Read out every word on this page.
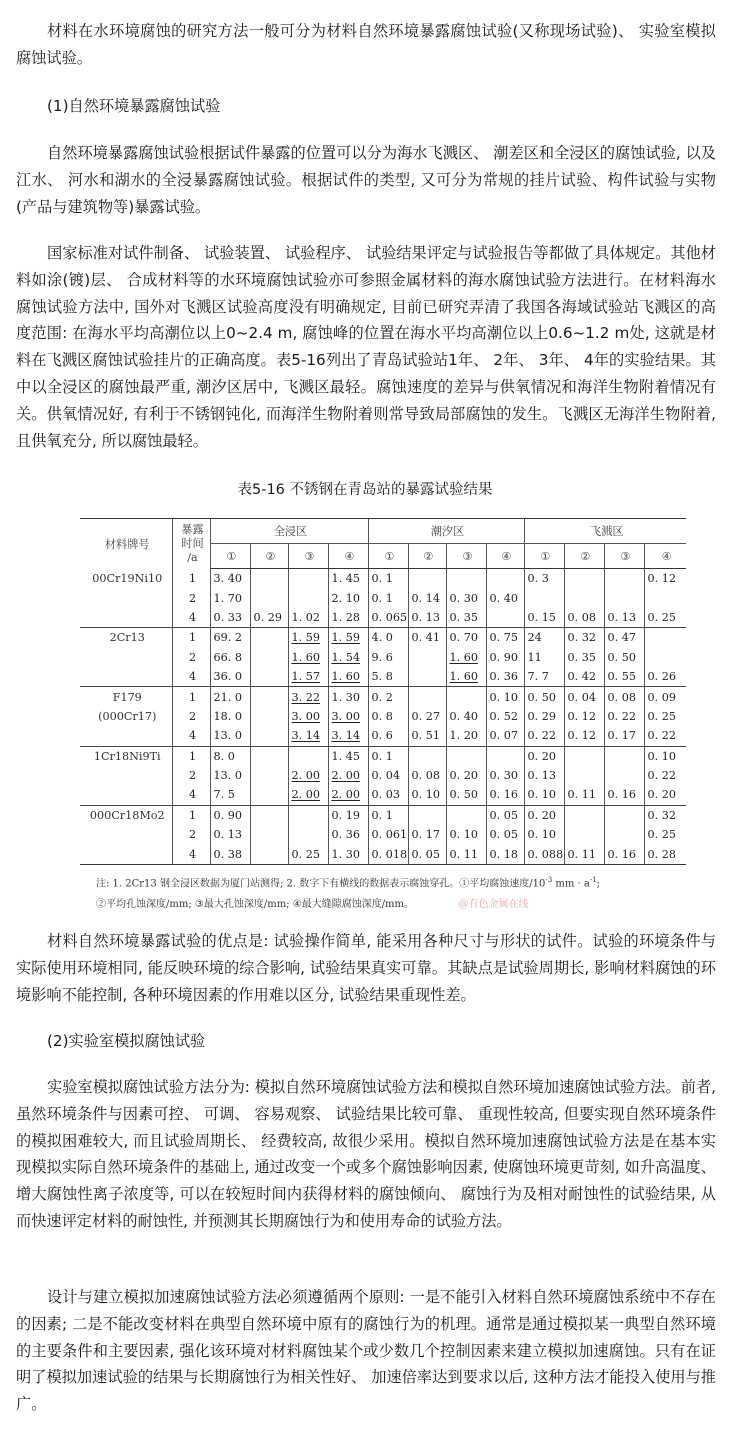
材料在水环境腐蚀的研究方法一般可分为材料自然环境暴露腐蚀试验(又称现场试验)、 实验室模拟腐蚀试验。

(1)自然环境暴露腐蚀试验

自然环境暴露腐蚀试验根据试件暴露的位置可以分为海水飞溅区、 潮差区和全浸区的腐蚀试验, 以及江水、 河水和湖水的全浸暴露腐蚀试验。根据试件的类型, 又可分为常规的挂片试验、构件试验与实物(产品与建筑物等)暴露试验。

国家标准对试件制备、 试验装置、 试验程序、 试验结果评定与试验报告等都做了具体规定。其他材料如涂(镀)层、 合成材料等的水环境腐蚀试验亦可参照金属材料的海水腐蚀试验方法进行。在材料海水腐蚀试验方法中, 国外对飞溅区试验高度没有明确规定, 目前已研究弄清了我国各海域试验站飞溅区的高度范围: 在海水平均高潮位以上0~2.4 m, 腐蚀峰的位置在海水平均高潮位以上0.6~1.2 m处, 这就是材料在飞溅区腐蚀试验挂片的正确高度。表5-16列出了青岛试验站1年、 2年、 3年、 4年的实验结果。其中以全浸区的腐蚀最严重, 潮汐区居中, 飞溅区最轻。腐蚀速度的差异与供氧情况和海洋生物附着情况有关。供氧情况好, 有利于不锈钢钝化, 而海洋生物附着则常导致局部腐蚀的发生。飞溅区无海洋生物附着, 且供氧充分, 所以腐蚀最轻。

表5-16 不锈钢在青岛站的暴露试验结果

材料牌号	暴露
时间
/a	全浸区				潮汐区				飞溅区			
		①	②	③	④	①	②	③	④	①	②	③	④
00Cr19Ni10	1	3. 40			1. 45	0. 1				0. 3			0. 12
	2	1. 70			2. 10	0. 1	0. 14	0. 30	0. 40				
	4	0. 33	0. 29	1. 02	1. 28	0. 065	0. 13	0. 35		0. 15	0. 08	0. 13	0. 25
2Cr13	1	69. 2		1. 59	1. 59	4. 0	0. 41	0. 70	0. 75	24	0. 32	0. 47	
	2	66. 8		1. 60	1. 54	9. 6		1. 60	0. 90	11	0. 35	0. 50	
	4	36. 0		1. 57	1. 60	5. 8		1. 60	0. 36	7. 7	0. 42	0. 55	0. 26
F179	1	21. 0		3. 22	1. 30	0. 2			0. 10	0. 50	0. 04	0. 08	0. 09
(000Cr17)	2	18. 0		3. 00	3. 00	0. 8	0. 27	0. 40	0. 52	0. 29	0. 12	0. 22	0. 25
	4	13. 0		3. 14	3. 14	0. 6	0. 51	1. 20	0. 07	0. 22	0. 12	0. 17	0. 22
1Cr18Ni9Ti	1	8. 0			1. 45	0. 1				0. 20			0. 10
	2	13. 0		2. 00	2. 00	0. 04	0. 08	0. 20	0. 30	0. 13			0. 22
	4	7. 5		2. 00	2. 00	0. 03	0. 10	0. 50	0. 16	0. 10	0. 11	0. 16	0. 20
000Cr18Mo2	1	0. 90			0. 19	0. 1			0. 05	0. 20			0. 32
	2	0. 13			0. 36	0. 061	0. 17	0. 10	0. 05	0. 10			0. 25
	4	0. 38		0. 25	1. 30	0. 018	0. 05	0. 11	0. 18	0. 088	0. 11	0. 16	0. 28
注: 1. 2Cr13 钢全浸区数据为厦门站测得; 2. 数字下有横线的数据表示腐蚀穿孔。①平均腐蚀速度$/10^{-3}$ mm · $a^{-1}$;
②平均孔蚀深度/mm; ③最大孔蚀深度/mm; ④最大缝隙腐蚀深度/mm。	@有色金属在线

材料自然环境暴露试验的优点是: 试验操作简单, 能采用各种尺寸与形状的试件。试验的环境条件与实际使用环境相同, 能反映环境的综合影响, 试验结果真实可靠。其缺点是试验周期长, 影响材料腐蚀的环境影响不能控制, 各种环境因素的作用难以区分, 试验结果重现性差。

(2)实验室模拟腐蚀试验

实验室模拟腐蚀试验方法分为: 模拟自然环境腐蚀试验方法和模拟自然环境加速腐蚀试验方法。前者, 虽然环境条件与因素可控、 可调、 容易观察、 试验结果比较可靠、 重现性较高, 但要实现自然环境条件的模拟困难较大, 而且试验周期长、 经费较高, 故很少采用。模拟自然环境加速腐蚀试验方法是在基本实现模拟实际自然环境条件的基础上, 通过改变一个或多个腐蚀影响因素, 使腐蚀环境更苛刻, 如升高温度、 增大腐蚀性离子浓度等, 可以在较短时间内获得材料的腐蚀倾向、 腐蚀行为及相对耐蚀性的试验结果, 从而快速评定材料的耐蚀性, 并预测其长期腐蚀行为和使用寿命的试验方法。

设计与建立模拟加速腐蚀试验方法必须遵循两个原则: 一是不能引入材料自然环境腐蚀系统中不存在的因素; 二是不能改变材料在典型自然环境中原有的腐蚀行为的机理。通常是通过模拟某一典型自然环境的主要条件和主要因素, 强化该环境对材料腐蚀某个或少数几个控制因素来建立模拟加速腐蚀。只有在证明了模拟加速试验的结果与长期腐蚀行为相关性好、 加速倍率达到要求以后, 这种方法才能投入使用与推广。
